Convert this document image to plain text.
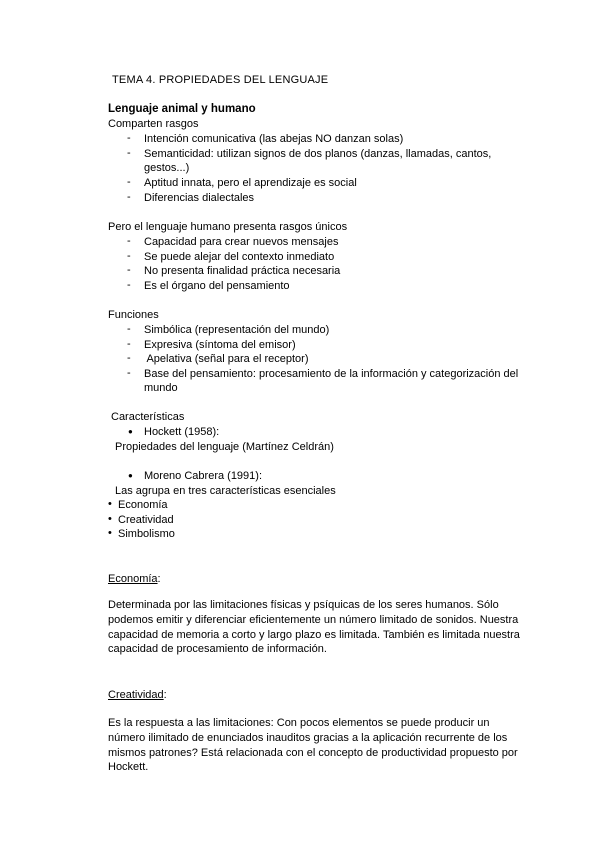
TEMA 4. PROPIEDADES DEL LENGUAJE
Lenguaje animal y humano
Comparten rasgos
- Intención comunicativa (las abejas NO danzan solas)
- Semanticidad: utilizan signos de dos planos (danzas, llamadas, cantos,
gestos...)
- Aptitud innata, pero el aprendizaje es social
- Diferencias dialectales
Pero el lenguaje humano presenta rasgos únicos
- Capacidad para crear nuevos mensajes
- Se puede alejar del contexto inmediato
- No presenta finalidad práctica necesaria
- Es el órgano del pensamiento
Funciones
- Simbólica (representación del mundo)
- Expresiva (síntoma del emisor)
- Apelativa (señal para el receptor)
- Base del pensamiento: procesamiento de la información y categorización del
mundo
Características
● Hockett (1958):
Propiedades del lenguaje (Martínez Celdrán)
● Moreno Cabrera (1991):
Las agrupa en tres características esenciales
• Economía
• Creatividad
• Simbolismo
Economía:
Determinada por las limitaciones físicas y psíquicas de los seres humanos. Sólo
podemos emitir y diferenciar eficientemente un número limitado de sonidos. Nuestra
capacidad de memoria a corto y largo plazo es limitada. También es limitada nuestra
capacidad de procesamiento de información.
Creatividad:
Es la respuesta a las limitaciones: Con pocos elementos se puede producir un
número ilimitado de enunciados inauditos gracias a la aplicación recurrente de los
mismos patrones? Está relacionada con el concepto de productividad propuesto por
Hockett.
